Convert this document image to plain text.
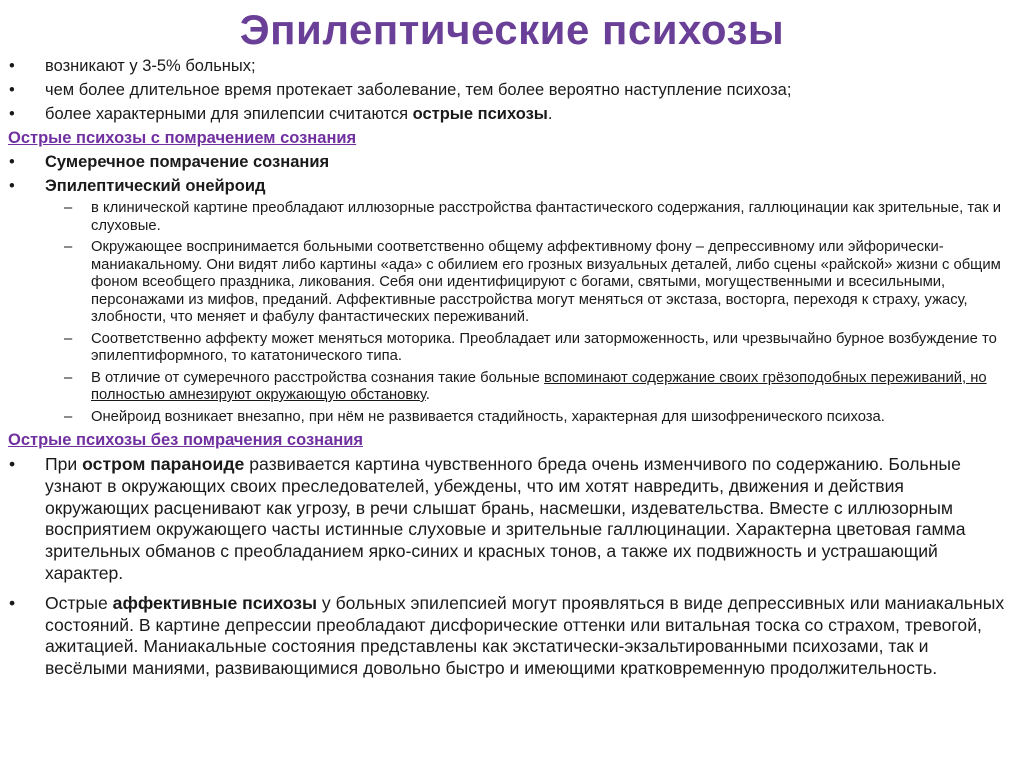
Эпилептические психозы
• возникают у 3-5% больных;
• чем более длительное время протекает заболевание, тем более вероятно наступление психоза;
• более характерными для эпилепсии считаются острые психозы.
Острые психозы с помрачением сознания
• Сумеречное помрачение сознания
• Эпилептический онейроид
– в клинической картине преобладают иллюзорные расстройства фантастического содержания, галлюцинации как зрительные, так и слуховые.
– Окружающее воспринимается больными соответственно общему аффективному фону – депрессивному или эйфорически-маниакальному. Они видят либо картины «ада» с обилием его грозных визуальных деталей, либо сцены «райской» жизни с общим фоном всеобщего праздника, ликования. Себя они идентифицируют с богами, святыми, могущественными и всесильными, персонажами из мифов, преданий. Аффективные расстройства могут меняться от экстаза, восторга, переходя к страху, ужасу, злобности, что меняет и фабулу фантастических переживаний.
– Соответственно аффекту может меняться моторика. Преобладает или заторможенность, или чрезвычайно бурное возбуждение то эпилептиформного, то кататонического типа.
– В отличие от сумеречного расстройства сознания такие больные вспоминают содержание своих грёзоподобных переживаний, но полностью амнезируют окружающую обстановку.
– Онейроид возникает внезапно, при нём не развивается стадийность, характерная для шизофренического психоза.
Острые психозы без помрачения сознания
• При остром параноиде развивается картина чувственного бреда очень изменчивого по содержанию. Больные узнают в окружающих своих преследователей, убеждены, что им хотят навредить, движения и действия окружающих расценивают как угрозу, в речи слышат брань, насмешки, издевательства. Вместе с иллюзорным восприятием окружающего часты истинные слуховые и зрительные галлюцинации. Характерна цветовая гамма зрительных обманов с преобладанием ярко-синих и красных тонов, а также их подвижность и устрашающий характер.
• Острые аффективные психозы у больных эпилепсией могут проявляться в виде депрессивных или маниакальных состояний. В картине депрессии преобладают дисфорические оттенки или витальная тоска со страхом, тревогой, ажитацией. Маниакальные состояния представлены как экстатически-экзальтированными психозами, так и весёлыми маниями, развивающимися довольно быстро и имеющими кратковременную продолжительность.
